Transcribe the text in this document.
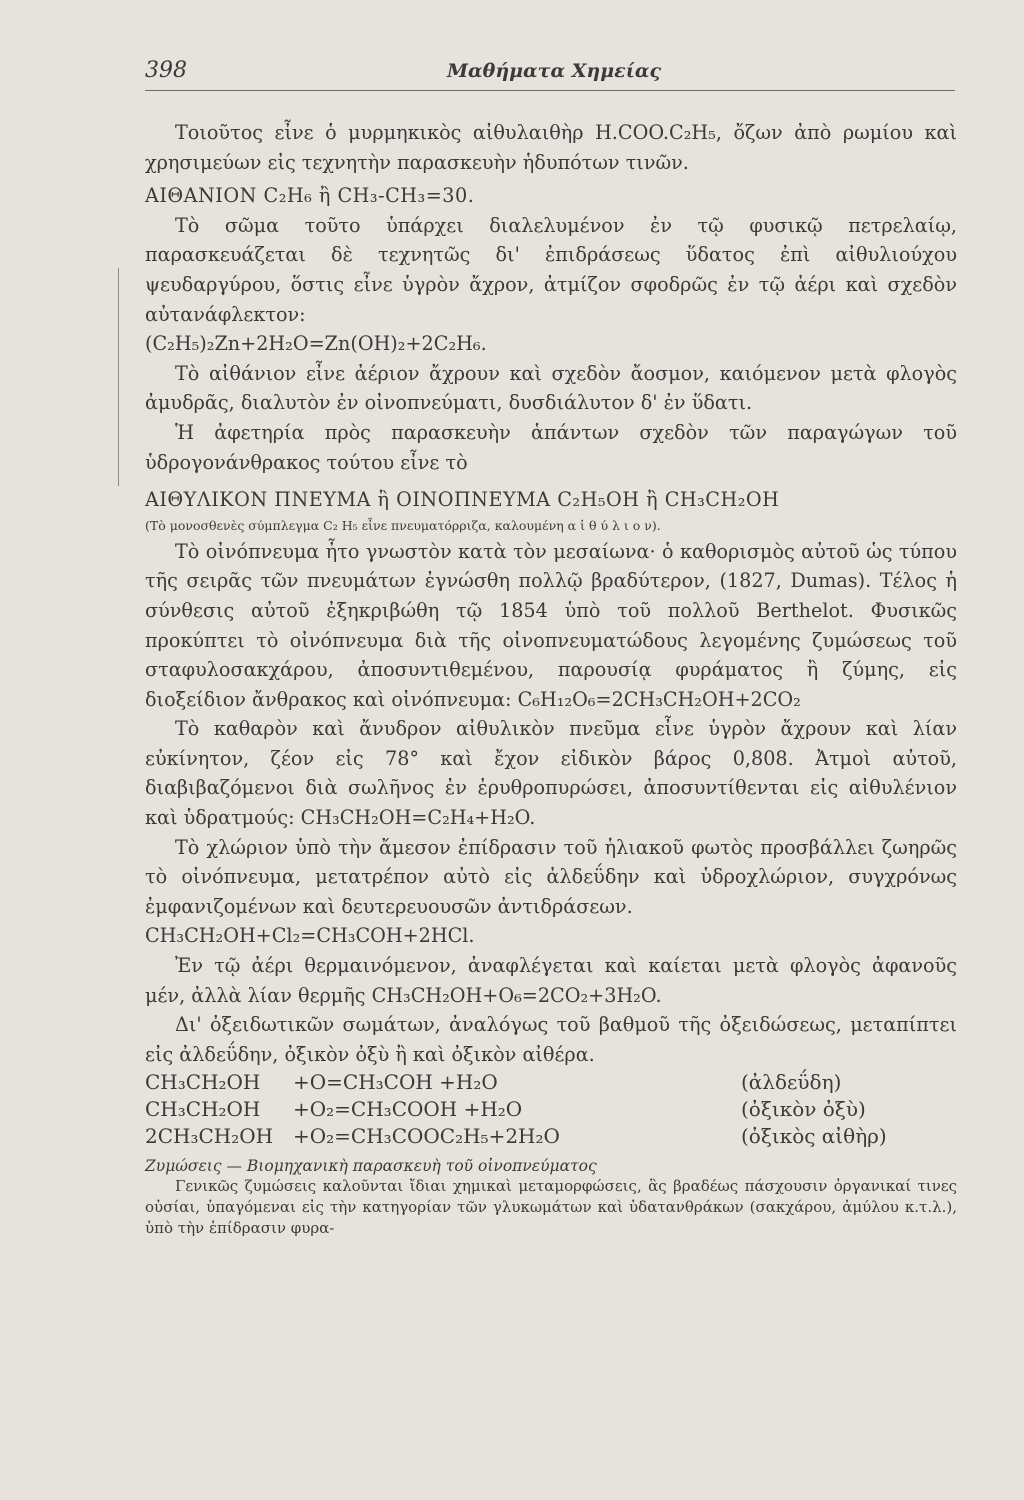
398	Μαθήματα Χημείας

Τοιοῦτος εἶνε ὁ μυρμηκικὸς αἰθυλαιθὴρ H.COO.C₂H₅, ὄζων ἀπὸ ρωμίου καὶ χρησιμεύων εἰς τεχνητὴν παρασκευὴν ἡδυπότων τινῶν.

ΑΙΘΑΝΙΟΝ C₂H₆ ἢ CH₃-CH₃=30.

Τὸ σῶμα τοῦτο ὑπάρχει διαλελυμένον ἐν τῷ φυσικῷ πετρελαίῳ, παρασκευάζεται δὲ τεχνητῶς δι' ἐπιδράσεως ὕδατος ἐπὶ αἰθυλιούχου ψευδαργύρου, ὅστις εἶνε ὑγρὸν ἄχρον, ἀτμίζον σφοδρῶς ἐν τῷ ἀέρι καὶ σχεδὸν αὐτανάφλεκτον:

(C₂H₅)₂Zn+2H₂O=Zn(OH)₂+2C₂H₆.

Τὸ αἰθάνιον εἶνε ἀέριον ἄχρουν καὶ σχεδὸν ἄοσμον, καιόμενον μετὰ φλογὸς ἀμυδρᾶς, διαλυτὸν ἐν οἰνοπνεύματι, δυσδιάλυτον δ' ἐν ὕδατι.

Ἡ ἀφετηρία πρὸς παρασκευὴν ἁπάντων σχεδὸν τῶν παραγώγων τοῦ ὑδρογονάνθρακος τούτου εἶνε τὸ

ΑΙΘΥΛΙΚΟΝ ΠΝΕΥΜΑ ἢ ΟΙΝΟΠΝΕΥΜΑ C₂H₅OH ἢ CH₃CH₂OH

(Τὸ μονοσθενὲς σύμπλεγμα C₂ H₅ εἶνε πνευματόρριζα, καλουμένη α ἰ θ ύ λ ι ο ν).

Τὸ οἰνόπνευμα ἦτο γνωστὸν κατὰ τὸν μεσαίωνα· ὁ καθορισμὸς αὐτοῦ ὡς τύπου τῆς σειρᾶς τῶν πνευμάτων ἐγνώσθη πολλῷ βραδύτερον, (1827, Dumas). Τέλος ἡ σύνθεσις αὐτοῦ ἐξηκριβώθη τῷ 1854 ὑπὸ τοῦ πολλοῦ Berthelot. Φυσικῶς προκύπτει τὸ οἰνόπνευμα διὰ τῆς οἰνοπνευματώδους λεγομένης ζυμώσεως τοῦ σταφυλοσακχάρου, ἀποσυντιθεμένου, παρουσίᾳ φυράματος ἢ ζύμης, εἰς διοξείδιον ἄνθρακος καὶ οἰνόπνευμα: C₆H₁₂O₆=2CH₃CH₂OH+2CO₂

Τὸ καθαρὸν καὶ ἄνυδρον αἰθυλικὸν πνεῦμα εἶνε ὑγρὸν ἄχρουν καὶ λίαν εὐκίνητον, ζέον εἰς 78° καὶ ἔχον εἰδικὸν βάρος 0,808. Ἀτμοὶ αὐτοῦ, διαβιβαζόμενοι διὰ σωλῆνος ἐν ἐρυθροπυρώσει, ἀποσυντίθενται εἰς αἰθυλένιον καὶ ὑδρατμούς: CH₃CH₂OH=C₂H₄+H₂O.

Τὸ χλώριον ὑπὸ τὴν ἄμεσον ἐπίδρασιν τοῦ ἡλιακοῦ φωτὸς προσβάλλει ζωηρῶς τὸ οἰνόπνευμα, μετατρέπον αὐτὸ εἰς ἀλδεΰδην καὶ ὑδροχλώριον, συγχρόνως ἐμφανιζομένων καὶ δευτερευουσῶν ἀντιδράσεων.

CH₃CH₂OH+Cl₂=CH₃COH+2HCl.

Ἐν τῷ ἀέρι θερμαινόμενον, ἀναφλέγεται καὶ καίεται μετὰ φλογὸς ἀφανοῦς μέν, ἀλλὰ λίαν θερμῆς CH₃CH₂OH+O₆=2CO₂+3H₂O.

Δι' ὀξειδωτικῶν σωμάτων, ἀναλόγως τοῦ βαθμοῦ τῆς ὀξειδώσεως, μεταπίπτει εἰς ἀλδεΰδην, ὀξικὸν ὀξὺ ἢ καὶ ὀξικὸν αἰθέρα.

CH₃CH₂OH	+O=CH₃COH +H₂O	(ἀλδεΰδη)
CH₃CH₂OH	+O₂=CH₃COOH +H₂O	(ὀξικὸν ὀξὺ)
2CH₃CH₂OH +O₂=CH₃COOC₂H₅+2H₂O	(ὀξικὸς αἰθὴρ)

Ζυμώσεις — Βιομηχανικὴ παρασκευὴ τοῦ οἰνοπνεύματος

Γενικῶς ζυμώσεις καλοῦνται ἴδιαι χημικαὶ μεταμορφώσεις, ἃς βραδέως πάσχουσιν ὀργανικαί τινες οὐσίαι, ὑπαγόμεναι εἰς τὴν κατηγορίαν τῶν γλυκωμάτων καὶ ὑδατανθράκων (σακχάρου, ἀμύλου κ.τ.λ.), ὑπὸ τὴν ἐπίδρασιν φυρα-
